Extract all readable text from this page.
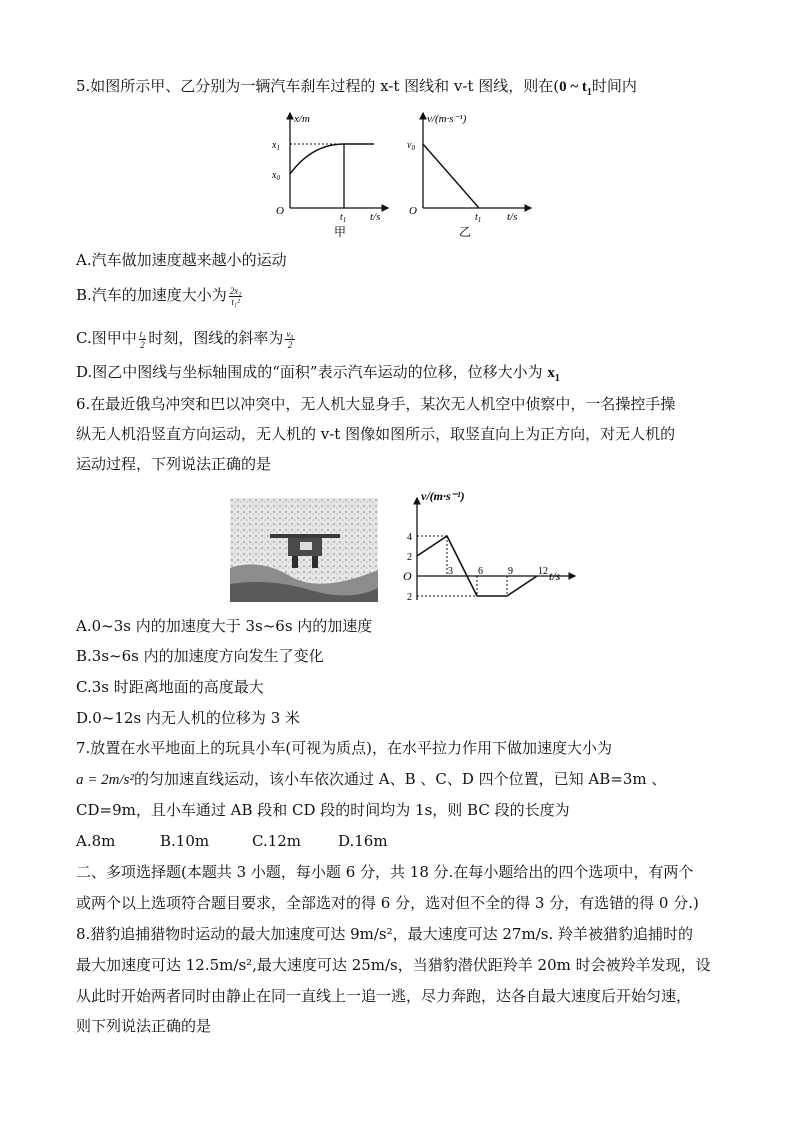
5.如图所示甲、乙分别为一辆汽车刹车过程的 x-t 图线和 v-t 图线，则在(0 ~ $t_1$时间内
x/m
t/s
O
$x_1$
$x_0$
$t_1$
甲
v/(m·s⁻¹)
t/s
O
$v_0$
$t_1$
乙
A.汽车做加速度越来越小的运动
B.汽车的加速度大小为 $\frac{\text{2x₁}}{\text{t₁²}}$
C.图甲中 $\frac{\text{t₁}}{2}$ 时刻，图线的斜率为 $\frac{\text{v₀}}{2}$
D.图乙中图线与坐标轴围成的“面积”表示汽车运动的位移，位移大小为 $x_1$
6.在最近俄乌冲突和巴以冲突中，无人机大显身手，某次无人机空中侦察中，一名操控手操
纵无人机沿竖直方向运动，无人机的 v-t 图像如图所示，取竖直向上为正方向，对无人机的
运动过程，下列说法正确的是
3	6	9	12
4
2
2
v/(m·s⁻¹)
t/s
O
A.0~3s 内的加速度大于 3s~6s 内的加速度
B.3s~6s 内的加速度方向发生了变化
C.3s 时距离地面的高度最大
D.0~12s 内无人机的位移为 3 米
7.放置在水平地面上的玩具小车(可视为质点)，在水平拉力作用下做加速度大小为
a = 2m/s²的匀加速直线运动，该小车依次通过 A、B 、C、D 四个位置，已知 AB=3m 、
CD=9m，且小车通过 AB 段和 CD 段的时间均为 1s，则 BC 段的长度为
A.8m	B.10m	C.12m D.16m
二、多项选择题(本题共 3 小题，每小题 6 分，共 18 分.在每小题给出的四个选项中，有两个
或两个以上选项符合题目要求，全部选对的得 6 分，选对但不全的得 3 分，有选错的得 0 分.)
8.猎豹追捕猎物时运动的最大加速度可达 9m/s²，最大速度可达 27m/s. 羚羊被猎豹追捕时的
最大加速度可达 12.5m/s²,最大速度可达 25m/s，当猎豹潜伏距羚羊 20m 时会被羚羊发现，设
从此时开始两者同时由静止在同一直线上一追一逃，尽力奔跑，达各自最大速度后开始匀速，
则下列说法正确的是
